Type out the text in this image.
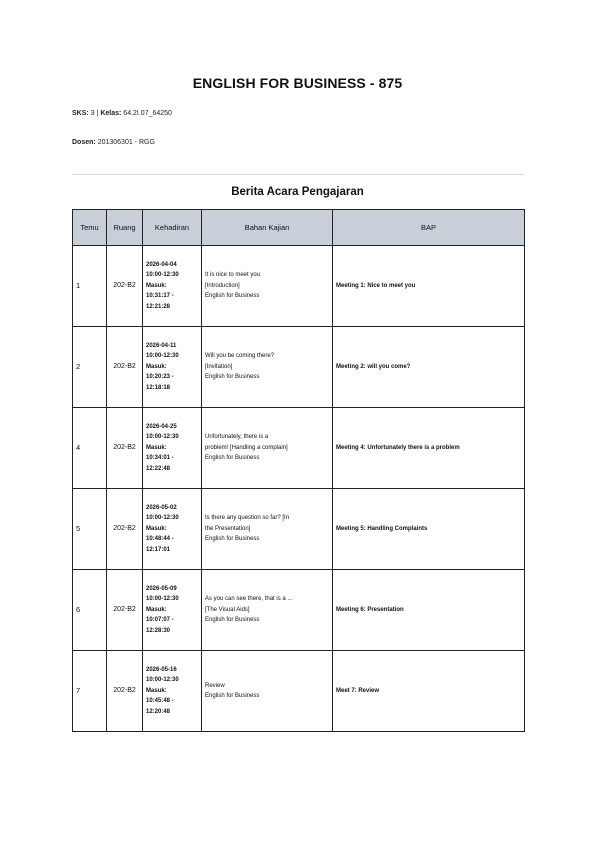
ENGLISH FOR BUSINESS - 875
SKS: 3 | Kelas: 64.2I.07_64250
Dosen: 201306301 - RGG
Berita Acara Pengajaran
Temu	Ruang	Kehadiran	Bahan Kajian	BAP
1	202-B2	2026-04-04
10:00-12:30
Masuk:
10:31:17 -
12:21:28	It is nice to meet you
[Introduction]
English for Business	Meeting 1: Nice to meet you
2	202-B2	2026-04-11
10:00-12:30
Masuk:
10:20:23 -
12:18:18	Will you be coming there?
[Invitation]
English for Business	Meeting 2: will you come?
4	202-B2	2026-04-25
10:00-12:30
Masuk:
10:34:01 -
12:22:48	Unfortunately, there is a
problem! [Handling a complain]
English for Business	Meeting 4: Unfortunately there is a problem
5	202-B2	2026-05-02
10:00-12:30
Masuk:
10:48:44 -
12:17:01	Is there any question so far? [In
the Presentation]
English for Business	Meeting 5: Handling Complaints
6	202-B2	2026-05-09
10:00-12:30
Masuk:
10:07:07 -
12:28:30	As you can see there, that is a ...
[The Visual Aids]
English for Business	Meeting 6: Presentation
7	202-B2	2026-05-16
10:00-12:30
Masuk:
10:45:48 -
12:20:48	Review
English for Business	Meet 7: Review
